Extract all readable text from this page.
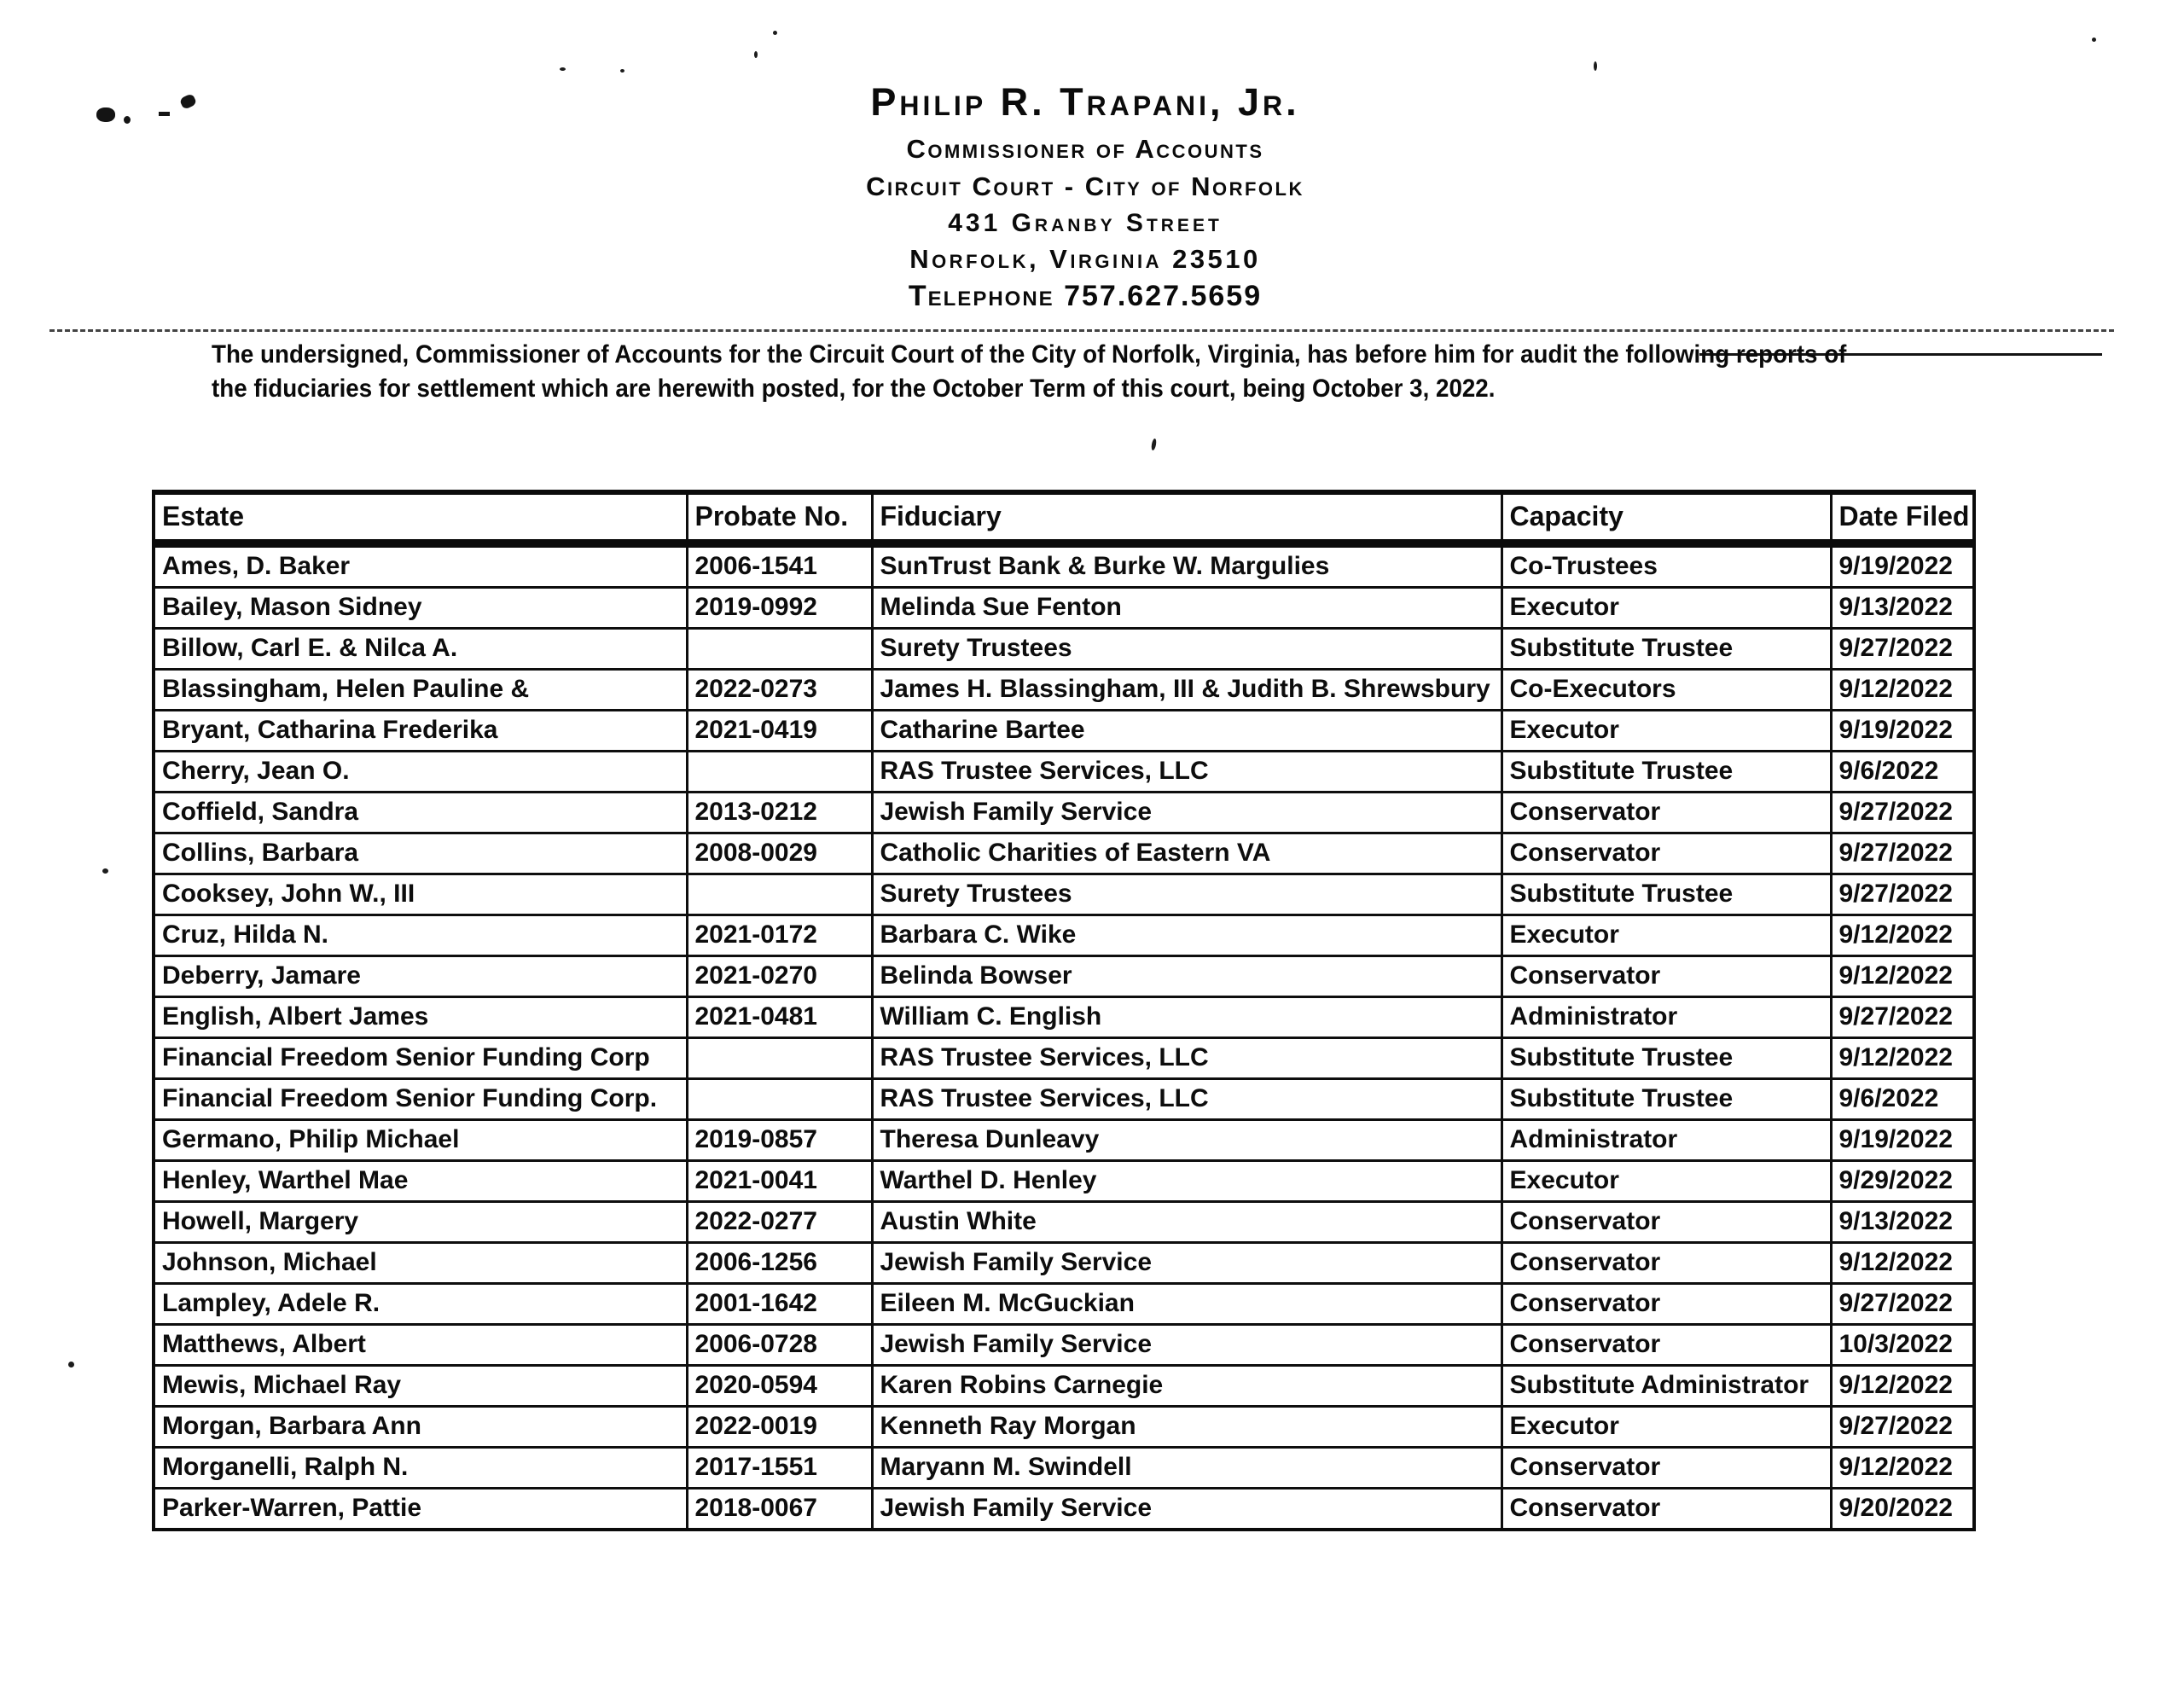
Philip R. Trapani, Jr.
Commissioner of Accounts
Circuit Court - City of Norfolk
431 Granby Street
Norfolk, Virginia 23510
Telephone 757.627.5659
The undersigned, Commissioner of Accounts for the Circuit Court of the City of Norfolk, Virginia, has before him for audit the following reports of
the fiduciaries for settlement which are herewith posted, for the October Term of this court, being October 3, 2022.
Estate	Probate No.	Fiduciary	Capacity	Date Filed
Ames, D. Baker	2006-1541	SunTrust Bank & Burke W. Margulies	Co-Trustees	9/19/2022
Bailey, Mason Sidney	2019-0992	Melinda Sue Fenton	Executor	9/13/2022
Billow, Carl E. & Nilca A.		Surety Trustees	Substitute Trustee	9/27/2022
Blassingham, Helen Pauline &	2022-0273	James H. Blassingham, III & Judith B. Shrewsbury	Co-Executors	9/12/2022
Bryant, Catharina Frederika	2021-0419	Catharine Bartee	Executor	9/19/2022
Cherry, Jean O.		RAS Trustee Services, LLC	Substitute Trustee	9/6/2022
Coffield, Sandra	2013-0212	Jewish Family Service	Conservator	9/27/2022
Collins, Barbara	2008-0029	Catholic Charities of Eastern VA	Conservator	9/27/2022
Cooksey, John W., III		Surety Trustees	Substitute Trustee	9/27/2022
Cruz, Hilda N.	2021-0172	Barbara C. Wike	Executor	9/12/2022
Deberry, Jamare	2021-0270	Belinda Bowser	Conservator	9/12/2022
English, Albert James	2021-0481	William C. English	Administrator	9/27/2022
Financial Freedom Senior Funding Corp		RAS Trustee Services, LLC	Substitute Trustee	9/12/2022
Financial Freedom Senior Funding Corp.		RAS Trustee Services, LLC	Substitute Trustee	9/6/2022
Germano, Philip Michael	2019-0857	Theresa Dunleavy	Administrator	9/19/2022
Henley, Warthel Mae	2021-0041	Warthel D. Henley	Executor	9/29/2022
Howell, Margery	2022-0277	Austin White	Conservator	9/13/2022
Johnson, Michael	2006-1256	Jewish Family Service	Conservator	9/12/2022
Lampley, Adele R.	2001-1642	Eileen M. McGuckian	Conservator	9/27/2022
Matthews, Albert	2006-0728	Jewish Family Service	Conservator	10/3/2022
Mewis, Michael Ray	2020-0594	Karen Robins Carnegie	Substitute Administrator	9/12/2022
Morgan, Barbara Ann	2022-0019	Kenneth Ray Morgan	Executor	9/27/2022
Morganelli, Ralph N.	2017-1551	Maryann M. Swindell	Conservator	9/12/2022
Parker-Warren, Pattie	2018-0067	Jewish Family Service	Conservator	9/20/2022
